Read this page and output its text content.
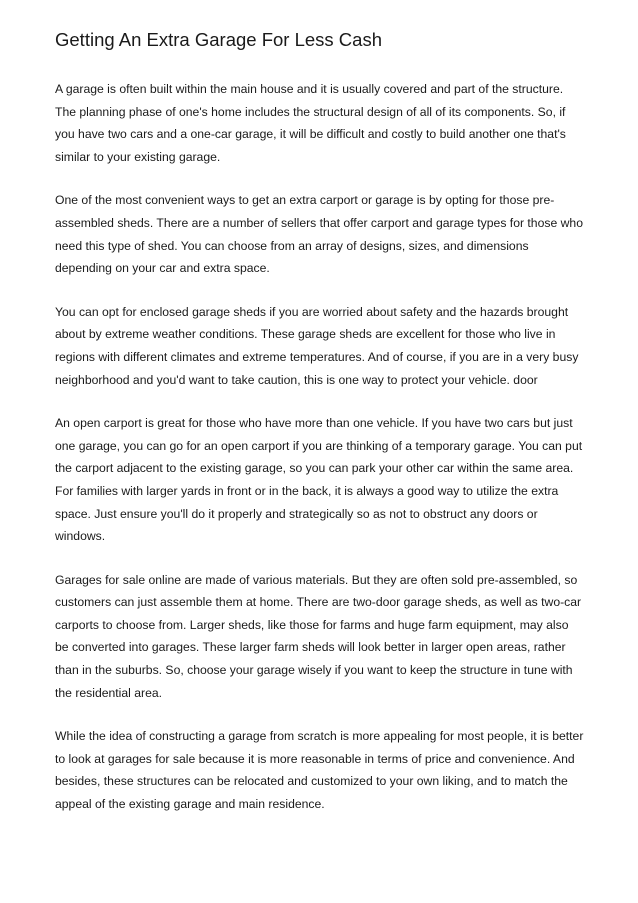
Getting An Extra Garage For Less Cash

A garage is often built within the main house and it is usually covered and part of the structure. The planning phase of one's home includes the structural design of all of its components. So, if you have two cars and a one-car garage, it will be difficult and costly to build another one that's similar to your existing garage.

One of the most convenient ways to get an extra carport or garage is by opting for those pre-assembled sheds. There are a number of sellers that offer carport and garage types for those who need this type of shed. You can choose from an array of designs, sizes, and dimensions depending on your car and extra space.

You can opt for enclosed garage sheds if you are worried about safety and the hazards brought about by extreme weather conditions. These garage sheds are excellent for those who live in regions with different climates and extreme temperatures. And of course, if you are in a very busy neighborhood and you'd want to take caution, this is one way to protect your vehicle. door

An open carport is great for those who have more than one vehicle. If you have two cars but just one garage, you can go for an open carport if you are thinking of a temporary garage. You can put the carport adjacent to the existing garage, so you can park your other car within the same area. For families with larger yards in front or in the back, it is always a good way to utilize the extra space. Just ensure you'll do it properly and strategically so as not to obstruct any doors or windows.

Garages for sale online are made of various materials. But they are often sold pre-assembled, so customers can just assemble them at home. There are two-door garage sheds, as well as two-car carports to choose from. Larger sheds, like those for farms and huge farm equipment, may also be converted into garages. These larger farm sheds will look better in larger open areas, rather than in the suburbs. So, choose your garage wisely if you want to keep the structure in tune with the residential area.

While the idea of constructing a garage from scratch is more appealing for most people, it is better to look at garages for sale because it is more reasonable in terms of price and convenience. And besides, these structures can be relocated and customized to your own liking, and to match the appeal of the existing garage and main residence.
